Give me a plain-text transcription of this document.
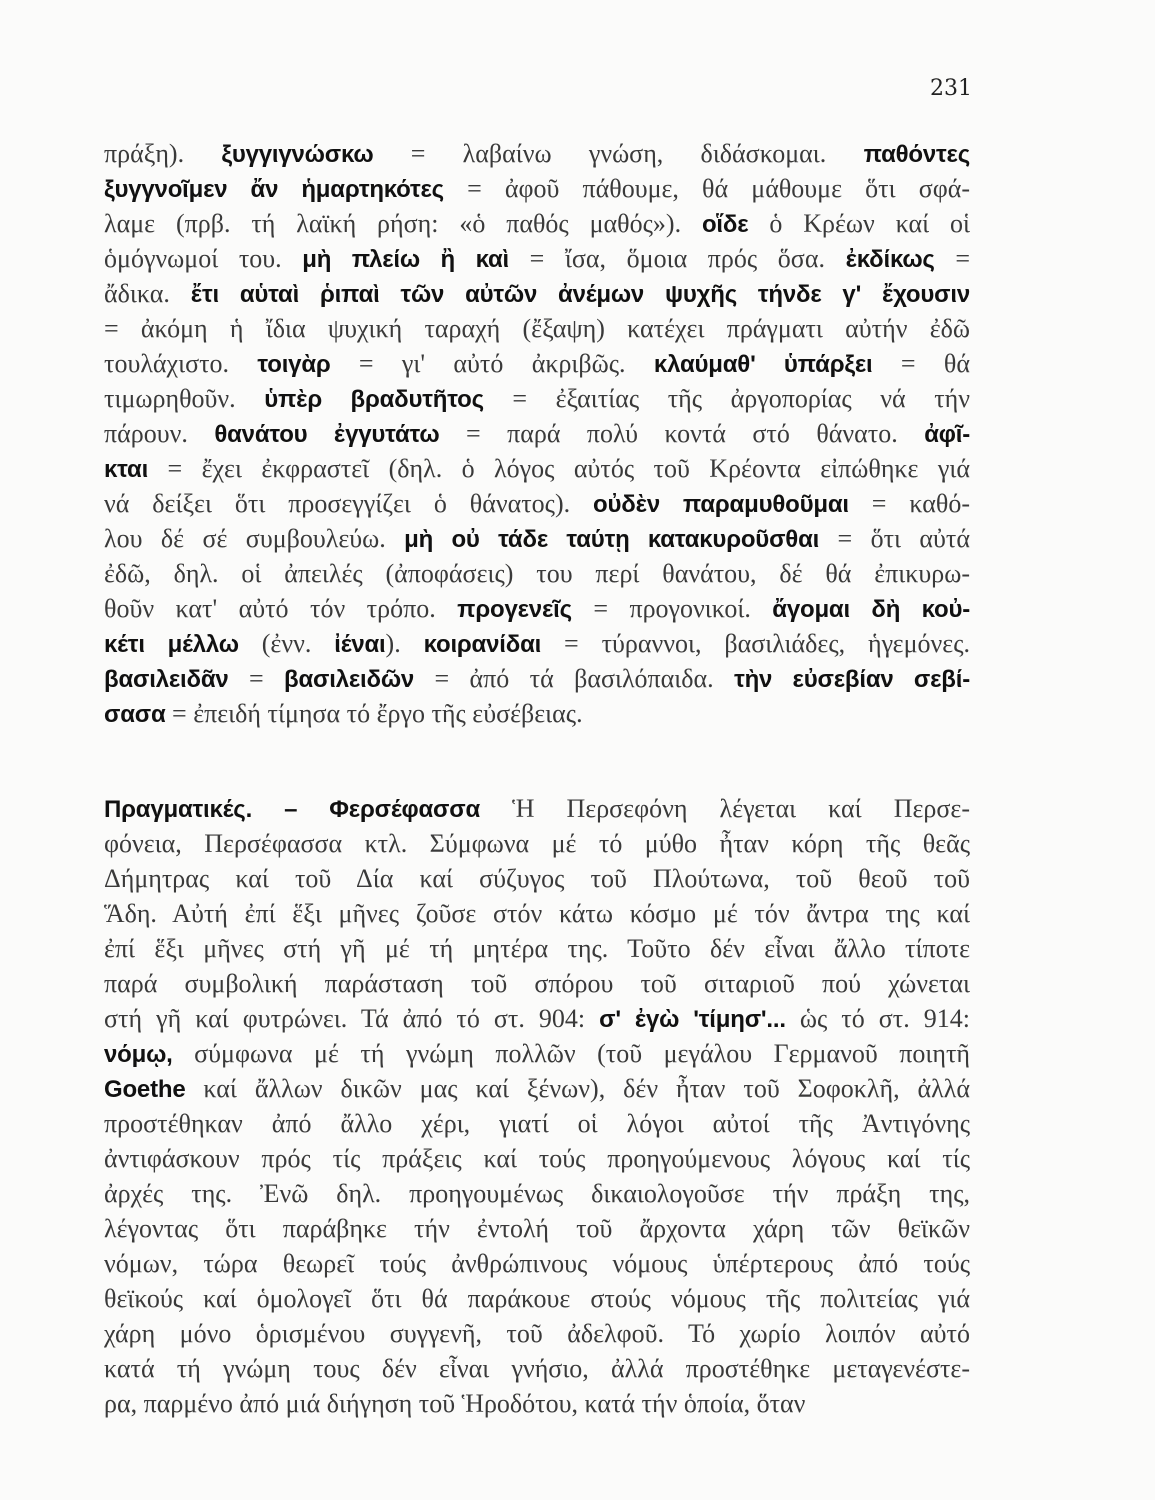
231
πράξη). ξυγγιγνώσκω = λαβαίνω γνώση, διδάσκομαι. παθόντες
ξυγγνοῖμεν ἄν ἡμαρτηκότες = ἀφοῦ πάθουμε, θά μάθουμε ὅτι σφά-
λαμε (πρβ. τή λαϊκή ρήση: «ὁ παθός μαθός»). οἵδε ὁ Κρέων καί οἱ
ὁμόγνωμοί του. μὴ πλείω ἢ καὶ = ἴσα, ὅμοια πρός ὅσα. ἐκδίκως =
ἄδικα. ἔτι αὑταὶ ῥιπαὶ τῶν αὐτῶν ἀνέμων ψυχῆς τήνδε γ' ἔχουσιν
= ἀκόμη ἡ ἴδια ψυχική ταραχή (ἔξαψη) κατέχει πράγματι αὐτήν ἐδῶ
τουλάχιστο. τοιγὰρ = γι' αὐτό ἀκριβῶς. κλαύμαθ' ὑπάρξει = θά
τιμωρηθοῦν. ὑπὲρ βραδυτῆτος = ἐξαιτίας τῆς ἀργοπορίας νά τήν
πάρουν. θανάτου ἐγγυτάτω = παρά πολύ κοντά στό θάνατο. ἀφῖ-
κται = ἔχει ἐκφραστεῖ (δηλ. ὁ λόγος αὐτός τοῦ Κρέοντα εἰπώθηκε γιά
νά δείξει ὅτι προσεγγίζει ὁ θάνατος). οὐδὲν παραμυθοῦμαι = καθό-
λου δέ σέ συμβουλεύω. μὴ οὐ τάδε ταύτῃ κατακυροῦσθαι = ὅτι αὐτά
ἐδῶ, δηλ. οἱ ἀπειλές (ἀποφάσεις) του περί θανάτου, δέ θά ἐπικυρω-
θοῦν κατ' αὐτό τόν τρόπο. προγενεῖς = προγονικοί. ἄγομαι δὴ κοὐ-
κέτι μέλλω (ἐνν. ἰέναι). κοιρανίδαι = τύραννοι, βασιλιάδες, ἡγεμόνες.
βασιλειδᾶν = βασιλειδῶν = ἀπό τά βασιλόπαιδα. τὴν εὐσεβίαν σεβί-
σασα = ἐπειδή τίμησα τό ἔργο τῆς εὐσέβειας.
Πραγματικές. – Φερσέφασσα Ἡ Περσεφόνη λέγεται καί Περσε-
φόνεια, Περσέφασσα κτλ. Σύμφωνα μέ τό μύθο ἦταν κόρη τῆς θεᾶς
Δήμητρας καί τοῦ Δία καί σύζυγος τοῦ Πλούτωνα, τοῦ θεοῦ τοῦ
Ἅδη. Αὐτή ἐπί ἕξι μῆνες ζοῦσε στόν κάτω κόσμο μέ τόν ἄντρα της καί
ἐπί ἕξι μῆνες στή γῆ μέ τή μητέρα της. Τοῦτο δέν εἶναι ἄλλο τίποτε
παρά συμβολική παράσταση τοῦ σπόρου τοῦ σιταριοῦ πού χώνεται
στή γῆ καί φυτρώνει. Τά ἀπό τό στ. 904: σ' ἐγὼ 'τίμησ'... ὡς τό στ. 914:
νόμῳ, σύμφωνα μέ τή γνώμη πολλῶν (τοῦ μεγάλου Γερμανοῦ ποιητῆ
Goethe καί ἄλλων δικῶν μας καί ξένων), δέν ἦταν τοῦ Σοφοκλῆ, ἀλλά
προστέθηκαν ἀπό ἄλλο χέρι, γιατί οἱ λόγοι αὐτοί τῆς Ἀντιγόνης
ἀντιφάσκουν πρός τίς πράξεις καί τούς προηγούμενους λόγους καί τίς
ἀρχές της. Ἐνῶ δηλ. προηγουμένως δικαιολογοῦσε τήν πράξη της,
λέγοντας ὅτι παράβηκε τήν ἐντολή τοῦ ἄρχοντα χάρη τῶν θεϊκῶν
νόμων, τώρα θεωρεῖ τούς ἀνθρώπινους νόμους ὑπέρτερους ἀπό τούς
θεϊκούς καί ὁμολογεῖ ὅτι θά παράκουε στούς νόμους τῆς πολιτείας γιά
χάρη μόνο ὁρισμένου συγγενῆ, τοῦ ἀδελφοῦ. Τό χωρίο λοιπόν αὐτό
κατά τή γνώμη τους δέν εἶναι γνήσιο, ἀλλά προστέθηκε μεταγενέστε-
ρα, παρμένο ἀπό μιά διήγηση τοῦ Ἡροδότου, κατά τήν ὁποία, ὅταν
